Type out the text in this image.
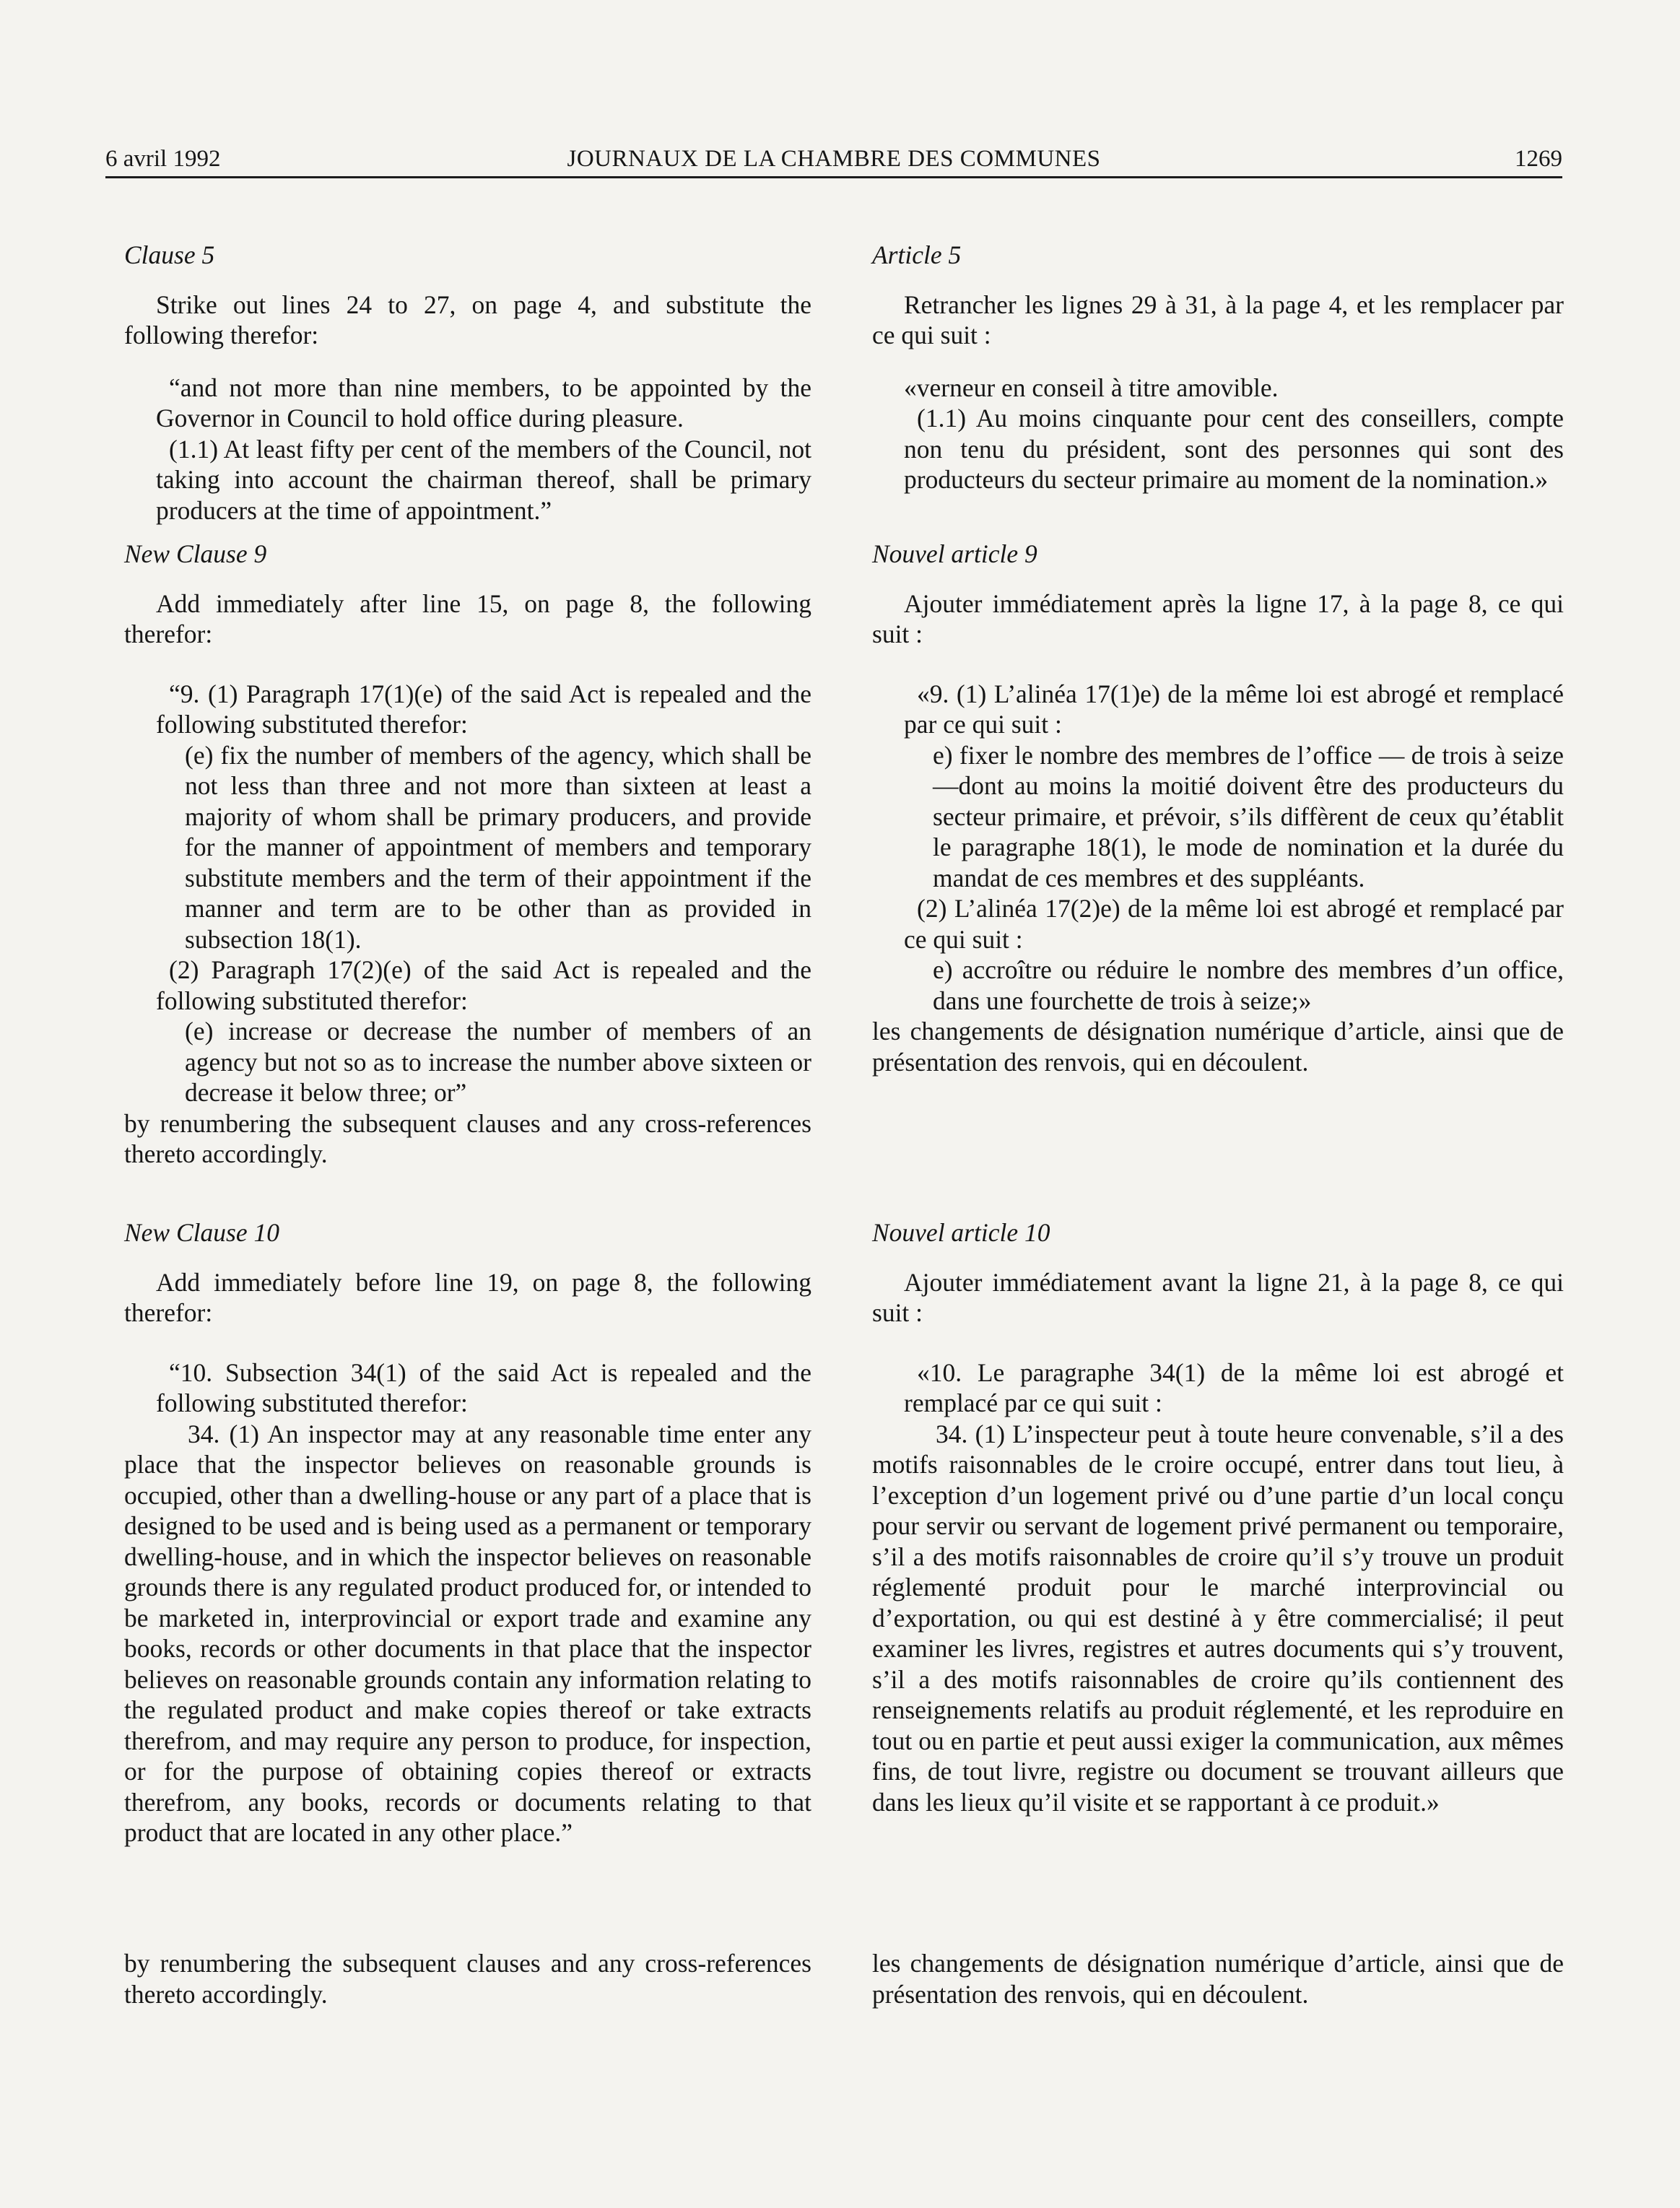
6 avril 1992	JOURNAUX DE LA CHAMBRE DES COMMUNES	1269

Clause 5

Strike out lines 24 to 27, on page 4, and substitute the following therefor:

“and not more than nine members, to be appointed by the Governor in Council to hold office during pleasure.

(1.1) At least fifty per cent of the members of the Council, not taking into account the chairman thereof, shall be primary producers at the time of appointment.”

New Clause 9

Add immediately after line 15, on page 8, the following therefor:

“9. (1) Paragraph 17(1)(e) of the said Act is repealed and the following substituted therefor:

(e) fix the number of members of the agency, which shall be not less than three and not more than sixteen at least a majority of whom shall be primary producers, and provide for the manner of appointment of members and temporary substitute members and the term of their appointment if the manner and term are to be other than as provided in subsection 18(1).

(2) Paragraph 17(2)(e) of the said Act is repealed and the following substituted therefor:

(e) increase or decrease the number of members of an agency but not so as to increase the number above sixteen or decrease it below three; or”

by renumbering the subsequent clauses and any cross-references thereto accordingly.

New Clause 10

Add immediately before line 19, on page 8, the following therefor:

“10. Subsection 34(1) of the said Act is repealed and the following substituted therefor:

34. (1) An inspector may at any reasonable time enter any place that the inspector believes on reasonable grounds is occupied, other than a dwelling-house or any part of a place that is designed to be used and is being used as a permanent or temporary dwelling-house, and in which the inspector believes on reasonable grounds there is any regulated product produced for, or intended to be marketed in, interprovincial or export trade and examine any books, records or other documents in that place that the inspector believes on reasonable grounds contain any information relating to the regulated product and make copies thereof or take extracts therefrom, and may require any person to produce, for inspection, or for the purpose of obtaining copies thereof or extracts therefrom, any books, records or documents relating to that product that are located in any other place.”

by renumbering the subsequent clauses and any cross-references thereto accordingly.

Article 5

Retrancher les lignes 29 à 31, à la page 4, et les remplacer par ce qui suit :

«verneur en conseil à titre amovible.

(1.1) Au moins cinquante pour cent des conseillers, compte non tenu du président, sont des personnes qui sont des producteurs du secteur primaire au moment de la nomination.»

Nouvel article 9

Ajouter immédiatement après la ligne 17, à la page 8, ce qui suit :

«9. (1) L’alinéa 17(1)e) de la même loi est abrogé et remplacé par ce qui suit :

e) fixer le nombre des membres de l’office — de trois à seize —dont au moins la moitié doivent être des producteurs du secteur primaire, et prévoir, s’ils diffèrent de ceux qu’établit le paragraphe 18(1), le mode de nomination et la durée du mandat de ces membres et des suppléants.

(2) L’alinéa 17(2)e) de la même loi est abrogé et remplacé par ce qui suit :

e) accroître ou réduire le nombre des membres d’un office, dans une fourchette de trois à seize;»

les changements de désignation numérique d’article, ainsi que de présentation des renvois, qui en découlent.

Nouvel article 10

Ajouter immédiatement avant la ligne 21, à la page 8, ce qui suit :

«10. Le paragraphe 34(1) de la même loi est abrogé et remplacé par ce qui suit :

34. (1) L’inspecteur peut à toute heure convenable, s’il a des motifs raisonnables de le croire occupé, entrer dans tout lieu, à l’exception d’un logement privé ou d’une partie d’un local conçu pour servir ou servant de logement privé permanent ou temporaire, s’il a des motifs raisonnables de croire qu’il s’y trouve un produit réglementé produit pour le marché interprovincial ou d’exportation, ou qui est destiné à y être commercialisé; il peut examiner les livres, registres et autres documents qui s’y trouvent, s’il a des motifs raisonnables de croire qu’ils contiennent des renseignements relatifs au produit réglementé, et les reproduire en tout ou en partie et peut aussi exiger la communication, aux mêmes fins, de tout livre, registre ou document se trouvant ailleurs que dans les lieux qu’il visite et se rapportant à ce produit.»

les changements de désignation numérique d’article, ainsi que de présentation des renvois, qui en découlent.
